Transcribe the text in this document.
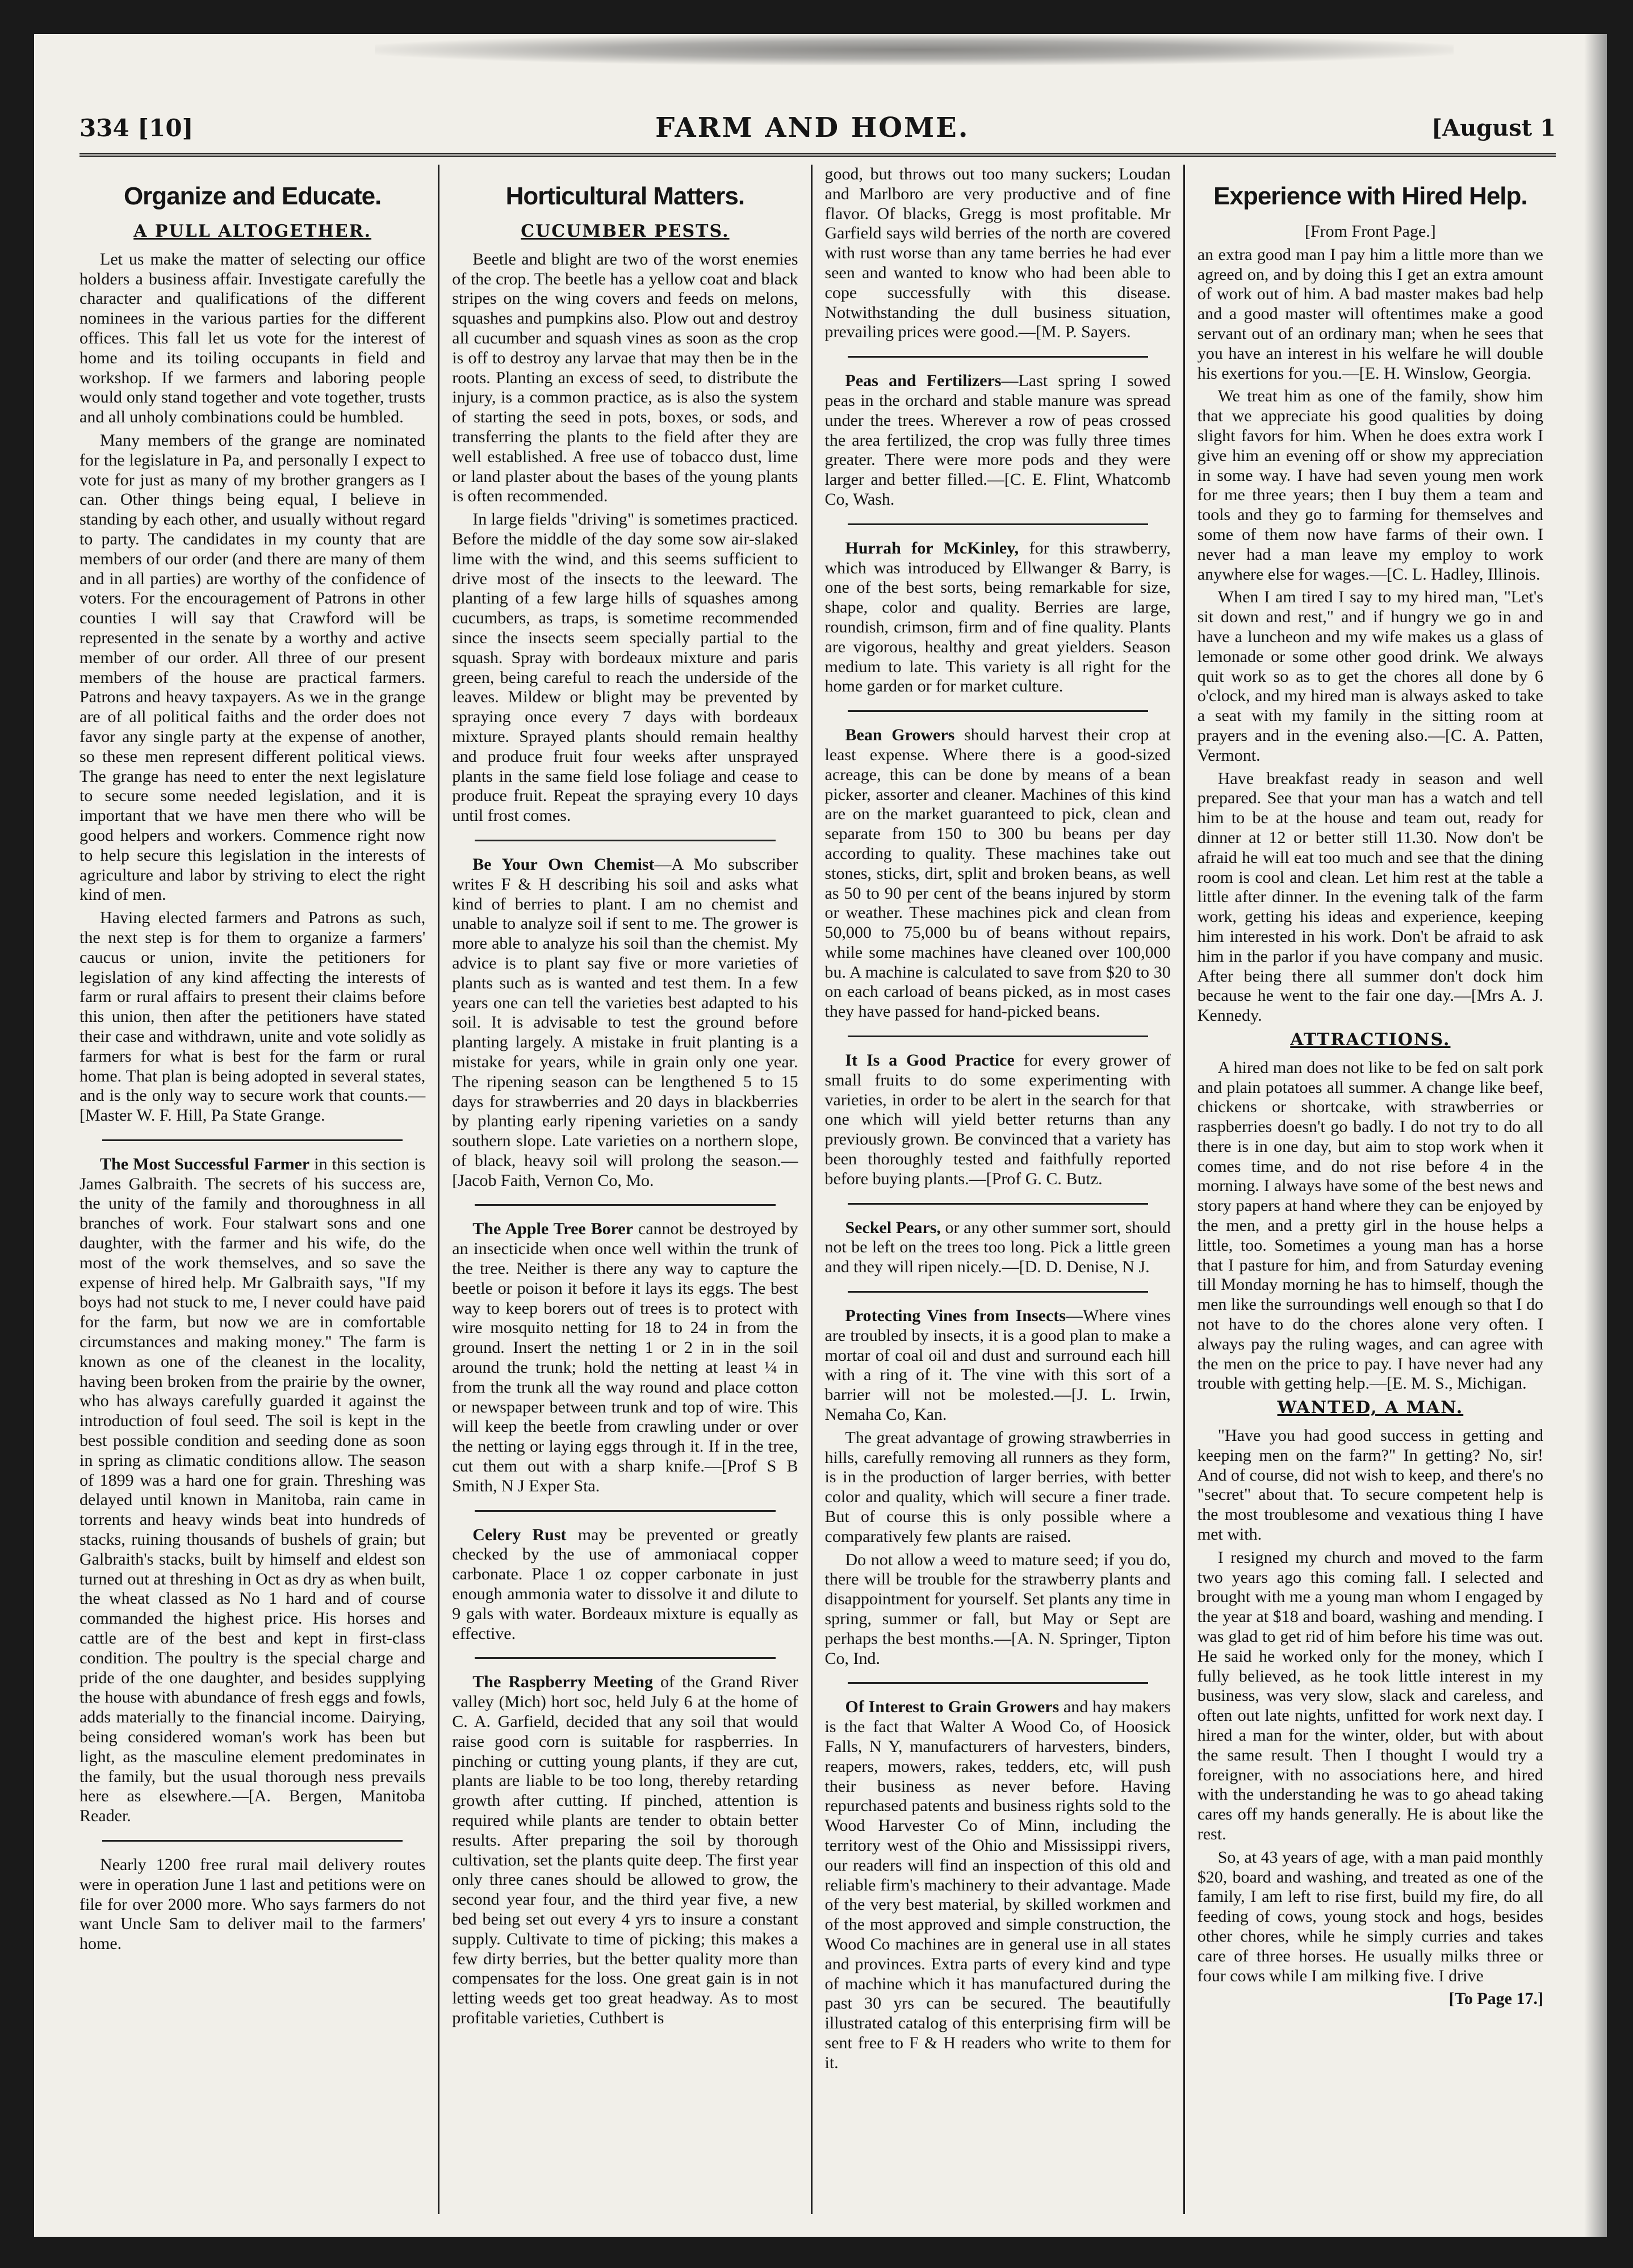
334 [10]	FARM AND HOME.	[August 1
Organize and Educate.
A PULL ALTOGETHER.

Let us make the matter of selecting our office holders a business affair. Investigate carefully the character and qualifications of the different nominees in the various parties for the different offices. This fall let us vote for the interest of home and its toiling occupants in field and workshop. If we farmers and laboring people would only stand together and vote together, trusts and all unholy combinations could be humbled.

Many members of the grange are nominated for the legislature in Pa, and personally I expect to vote for just as many of my brother grangers as I can. Other things being equal, I believe in standing by each other, and usually without regard to party. The candidates in my county that are members of our order (and there are many of them and in all parties) are worthy of the confidence of voters. For the encouragement of Patrons in other counties I will say that Crawford will be represented in the senate by a worthy and active member of our order. All three of our present members of the house are practical farmers. Patrons and heavy taxpayers. As we in the grange are of all political faiths and the order does not favor any single party at the expense of another, so these men represent different political views. The grange has need to enter the next legislature to secure some needed legislation, and it is important that we have men there who will be good helpers and workers. Commence right now to help secure this legislation in the interests of agriculture and labor by striving to elect the right kind of men.

Having elected farmers and Patrons as such, the next step is for them to organize a farmers' caucus or union, invite the petitioners for legislation of any kind affecting the interests of farm or rural affairs to present their claims before this union, then after the petitioners have stated their case and withdrawn, unite and vote solidly as farmers for what is best for the farm or rural home. That plan is being adopted in several states, and is the only way to secure work that counts.—[Master W. F. Hill, Pa State Grange.

The Most Successful Farmer in this section is James Galbraith. The secrets of his success are, the unity of the family and thoroughness in all branches of work. Four stalwart sons and one daughter, with the farmer and his wife, do the most of the work themselves, and so save the expense of hired help. Mr Galbraith says, "If my boys had not stuck to me, I never could have paid for the farm, but now we are in comfortable circumstances and making money." The farm is known as one of the cleanest in the locality, having been broken from the prairie by the owner, who has always carefully guarded it against the introduction of foul seed. The soil is kept in the best possible condition and seeding done as soon in spring as climatic conditions allow. The season of 1899 was a hard one for grain. Threshing was delayed until known in Manitoba, rain came in torrents and heavy winds beat into hundreds of stacks, ruining thousands of bushels of grain; but Galbraith's stacks, built by himself and eldest son turned out at threshing in Oct as dry as when built, the wheat classed as No 1 hard and of course commanded the highest price. His horses and cattle are of the best and kept in first-class condition. The poultry is the special charge and pride of the one daughter, and besides supplying the house with abundance of fresh eggs and fowls, adds materially to the financial income. Dairying, being considered woman's work has been but light, as the masculine element predominates in the family, but the usual thorough ness prevails here as elsewhere.—[A. Bergen, Manitoba Reader.

Nearly 1200 free rural mail delivery routes were in operation June 1 last and petitions were on file for over 2000 more. Who says farmers do not want Uncle Sam to deliver mail to the farmers' home.

Horticultural Matters.
CUCUMBER PESTS.

Beetle and blight are two of the worst enemies of the crop. The beetle has a yellow coat and black stripes on the wing covers and feeds on melons, squashes and pumpkins also. Plow out and destroy all cucumber and squash vines as soon as the crop is off to destroy any larvae that may then be in the roots. Planting an excess of seed, to distribute the injury, is a common practice, as is also the system of starting the seed in pots, boxes, or sods, and transferring the plants to the field after they are well established. A free use of tobacco dust, lime or land plaster about the bases of the young plants is often recommended.

In large fields "driving" is sometimes practiced. Before the middle of the day some sow air-slaked lime with the wind, and this seems sufficient to drive most of the insects to the leeward. The planting of a few large hills of squashes among cucumbers, as traps, is sometime recommended since the insects seem specially partial to the squash. Spray with bordeaux mixture and paris green, being careful to reach the underside of the leaves. Mildew or blight may be prevented by spraying once every 7 days with bordeaux mixture. Sprayed plants should remain healthy and produce fruit four weeks after unsprayed plants in the same field lose foliage and cease to produce fruit. Repeat the spraying every 10 days until frost comes.

Be Your Own Chemist—A Mo subscriber writes F & H describing his soil and asks what kind of berries to plant. I am no chemist and unable to analyze soil if sent to me. The grower is more able to analyze his soil than the chemist. My advice is to plant say five or more varieties of plants such as is wanted and test them. In a few years one can tell the varieties best adapted to his soil. It is advisable to test the ground before planting largely. A mistake in fruit planting is a mistake for years, while in grain only one year. The ripening season can be lengthened 5 to 15 days for strawberries and 20 days in blackberries by planting early ripening varieties on a sandy southern slope. Late varieties on a northern slope, of black, heavy soil will prolong the season.—[Jacob Faith, Vernon Co, Mo.

The Apple Tree Borer cannot be destroyed by an insecticide when once well within the trunk of the tree. Neither is there any way to capture the beetle or poison it before it lays its eggs. The best way to keep borers out of trees is to protect with wire mosquito netting for 18 to 24 in from the ground. Insert the netting 1 or 2 in in the soil around the trunk; hold the netting at least ¼ in from the trunk all the way round and place cotton or newspaper between trunk and top of wire. This will keep the beetle from crawling under or over the netting or laying eggs through it. If in the tree, cut them out with a sharp knife.—[Prof S B Smith, N J Exper Sta.

Celery Rust may be prevented or greatly checked by the use of ammoniacal copper carbonate. Place 1 oz copper carbonate in just enough ammonia water to dissolve it and dilute to 9 gals with water. Bordeaux mixture is equally as effective.

The Raspberry Meeting of the Grand River valley (Mich) hort soc, held July 6 at the home of C. A. Garfield, decided that any soil that would raise good corn is suitable for raspberries. In pinching or cutting young plants, if they are cut, plants are liable to be too long, thereby retarding growth after cutting. If pinched, attention is required while plants are tender to obtain better results. After preparing the soil by thorough cultivation, set the plants quite deep. The first year only three canes should be allowed to grow, the second year four, and the third year five, a new bed being set out every 4 yrs to insure a constant supply. Cultivate to time of picking; this makes a few dirty berries, but the better quality more than compensates for the loss. One great gain is in not letting weeds get too great headway. As to most profitable varieties, Cuthbert is

good, but throws out too many suckers; Loudan and Marlboro are very productive and of fine flavor. Of blacks, Gregg is most profitable. Mr Garfield says wild berries of the north are covered with rust worse than any tame berries he had ever seen and wanted to know who had been able to cope successfully with this disease. Notwithstanding the dull business situation, prevailing prices were good.—[M. P. Sayers.

Peas and Fertilizers—Last spring I sowed peas in the orchard and stable manure was spread under the trees. Wherever a row of peas crossed the area fertilized, the crop was fully three times greater. There were more pods and they were larger and better filled.—[C. E. Flint, Whatcomb Co, Wash.

Hurrah for McKinley, for this strawberry, which was introduced by Ellwanger & Barry, is one of the best sorts, being remarkable for size, shape, color and quality. Berries are large, roundish, crimson, firm and of fine quality. Plants are vigorous, healthy and great yielders. Season medium to late. This variety is all right for the home garden or for market culture.

Bean Growers should harvest their crop at least expense. Where there is a good-sized acreage, this can be done by means of a bean picker, assorter and cleaner. Machines of this kind are on the market guaranteed to pick, clean and separate from 150 to 300 bu beans per day according to quality. These machines take out stones, sticks, dirt, split and broken beans, as well as 50 to 90 per cent of the beans injured by storm or weather. These machines pick and clean from 50,000 to 75,000 bu of beans without repairs, while some machines have cleaned over 100,000 bu. A machine is calculated to save from $20 to 30 on each carload of beans picked, as in most cases they have passed for hand-picked beans.

It Is a Good Practice for every grower of small fruits to do some experimenting with varieties, in order to be alert in the search for that one which will yield better returns than any previously grown. Be convinced that a variety has been thoroughly tested and faithfully reported before buying plants.—[Prof G. C. Butz.

Seckel Pears, or any other summer sort, should not be left on the trees too long. Pick a little green and they will ripen nicely.—[D. D. Denise, N J.

Protecting Vines from Insects—Where vines are troubled by insects, it is a good plan to make a mortar of coal oil and dust and surround each hill with a ring of it. The vine with this sort of a barrier will not be molested.—[J. L. Irwin, Nemaha Co, Kan.

The great advantage of growing strawberries in hills, carefully removing all runners as they form, is in the production of larger berries, with better color and quality, which will secure a finer trade. But of course this is only possible where a comparatively few plants are raised.

Do not allow a weed to mature seed; if you do, there will be trouble for the strawberry plants and disappointment for yourself. Set plants any time in spring, summer or fall, but May or Sept are perhaps the best months.—[A. N. Springer, Tipton Co, Ind.

Of Interest to Grain Growers and hay makers is the fact that Walter A Wood Co, of Hoosick Falls, N Y, manufacturers of harvesters, binders, reapers, mowers, rakes, tedders, etc, will push their business as never before. Having repurchased patents and business rights sold to the Wood Harvester Co of Minn, including the territory west of the Ohio and Mississippi rivers, our readers will find an inspection of this old and reliable firm's machinery to their advantage. Made of the very best material, by skilled workmen and of the most approved and simple construction, the Wood Co machines are in general use in all states and provinces. Extra parts of every kind and type of machine which it has manufactured during the past 30 yrs can be secured. The beautifully illustrated catalog of this enterprising firm will be sent free to F & H readers who write to them for it.

Experience with Hired Help.

[From Front Page.]

an extra good man I pay him a little more than we agreed on, and by doing this I get an extra amount of work out of him. A bad master makes bad help and a good master will oftentimes make a good servant out of an ordinary man; when he sees that you have an interest in his welfare he will double his exertions for you.—[E. H. Winslow, Georgia.

We treat him as one of the family, show him that we appreciate his good qualities by doing slight favors for him. When he does extra work I give him an evening off or show my appreciation in some way. I have had seven young men work for me three years; then I buy them a team and tools and they go to farming for themselves and some of them now have farms of their own. I never had a man leave my employ to work anywhere else for wages.—[C. L. Hadley, Illinois.

When I am tired I say to my hired man, "Let's sit down and rest," and if hungry we go in and have a luncheon and my wife makes us a glass of lemonade or some other good drink. We always quit work so as to get the chores all done by 6 o'clock, and my hired man is always asked to take a seat with my family in the sitting room at prayers and in the evening also.—[C. A. Patten, Vermont.

Have breakfast ready in season and well prepared. See that your man has a watch and tell him to be at the house and team out, ready for dinner at 12 or better still 11.30. Now don't be afraid he will eat too much and see that the dining room is cool and clean. Let him rest at the table a little after dinner. In the evening talk of the farm work, getting his ideas and experience, keeping him interested in his work. Don't be afraid to ask him in the parlor if you have company and music. After being there all summer don't dock him because he went to the fair one day.—[Mrs A. J. Kennedy.

ATTRACTIONS.

A hired man does not like to be fed on salt pork and plain potatoes all summer. A change like beef, chickens or shortcake, with strawberries or raspberries doesn't go badly. I do not try to do all there is in one day, but aim to stop work when it comes time, and do not rise before 4 in the morning. I always have some of the best news and story papers at hand where they can be enjoyed by the men, and a pretty girl in the house helps a little, too. Sometimes a young man has a horse that I pasture for him, and from Saturday evening till Monday morning he has to himself, though the men like the surroundings well enough so that I do not have to do the chores alone very often. I always pay the ruling wages, and can agree with the men on the price to pay. I have never had any trouble with getting help.—[E. M. S., Michigan.

WANTED, A MAN.

"Have you had good success in getting and keeping men on the farm?" In getting? No, sir! And of course, did not wish to keep, and there's no "secret" about that. To secure competent help is the most troublesome and vexatious thing I have met with.

I resigned my church and moved to the farm two years ago this coming fall. I selected and brought with me a young man whom I engaged by the year at $18 and board, washing and mending. I was glad to get rid of him before his time was out. He said he worked only for the money, which I fully believed, as he took little interest in my business, was very slow, slack and careless, and often out late nights, unfitted for work next day. I hired a man for the winter, older, but with about the same result. Then I thought I would try a foreigner, with no associations here, and hired with the understanding he was to go ahead taking cares off my hands generally. He is about like the rest.

So, at 43 years of age, with a man paid monthly $20, board and washing, and treated as one of the family, I am left to rise first, build my fire, do all feeding of cows, young stock and hogs, besides other chores, while he simply curries and takes care of three horses. He usually milks three or four cows while I am milking five. I drive

[To Page 17.]
